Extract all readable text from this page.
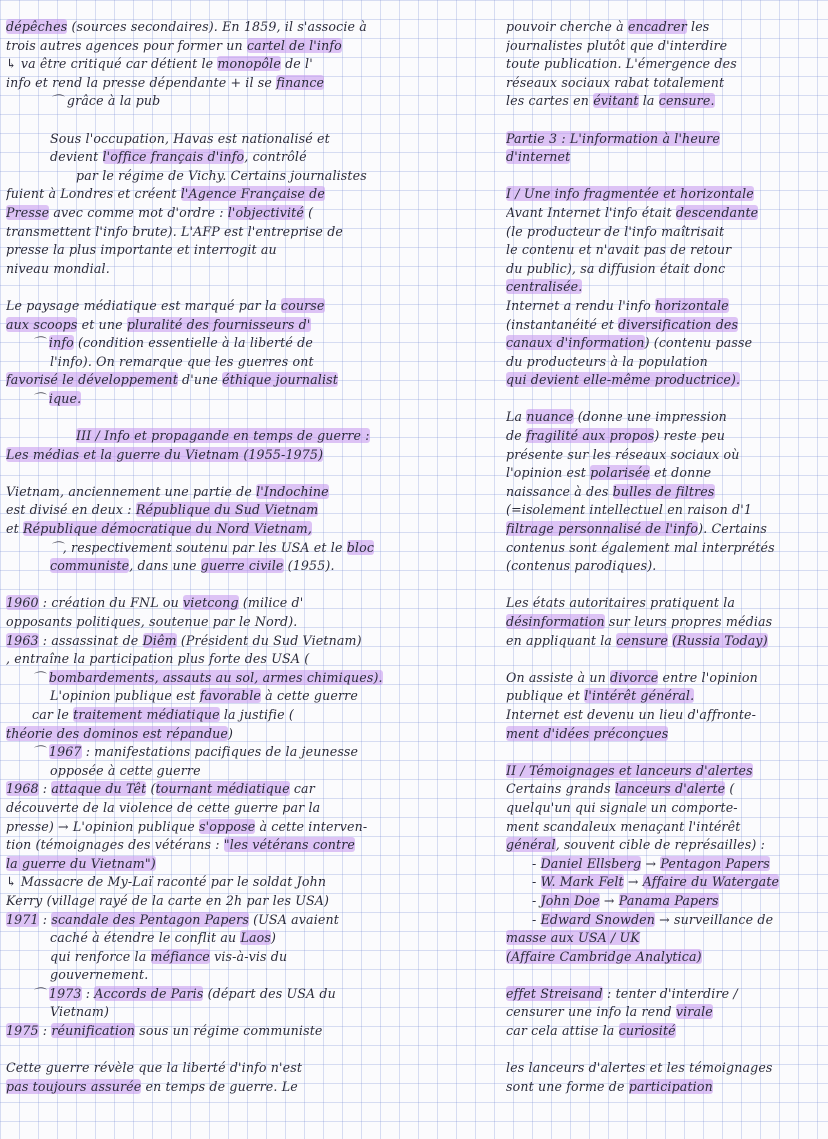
dépêches (sources secondaires). En 1859, il s'associe à
trois autres agences pour former un cartel de l'info
↳ va être critiqué car détient le monopôle de l'
info et rend la presse dépendante + il se finance
⌒ grâce à la pub
Sous l'occupation, Havas est nationalisé et
devient l'office français d'info, contrôlé
par le régime de Vichy. Certains journalistes
fuient à Londres et créent l'Agence Française de
Presse avec comme mot d'ordre : l'objectivité (
transmettent l'info brute). L'AFP est l'entreprise de
presse la plus importante et interrogit au
niveau mondial.
Le paysage médiatique est marqué par la course
aux scoops et une pluralité des fournisseurs d'
⌒ info (condition essentielle à la liberté de
l'info). On remarque que les guerres ont
favorisé le développement d'une éthique journalist
⌒ ique.
III / Info et propagande en temps de guerre :
Les médias et la guerre du Vietnam (1955-1975)
Vietnam, anciennement une partie de l'Indochine
est divisé en deux : République du Sud Vietnam
et République démocratique du Nord Vietnam,
⌒, respectivement soutenu par les USA et le bloc
communiste, dans une guerre civile (1955).
1960 : création du FNL ou vietcong (milice d'
opposants politiques, soutenue par le Nord).
1963 : assassinat de Diêm (Président du Sud Vietnam)
, entraîne la participation plus forte des USA (
⌒ bombardements, assauts au sol, armes chimiques).
L'opinion publique est favorable à cette guerre
car le traitement médiatique la justifie (
théorie des dominos est répandue)
⌒ 1967 : manifestations pacifiques de la jeunesse
opposée à cette guerre
1968 : attaque du Têt (tournant médiatique car
découverte de la violence de cette guerre par la
presse) → L'opinion publique s'oppose à cette interven-
tion (témoignages des vétérans : "les vétérans contre
la guerre du Vietnam")
↳ Massacre de My-Laï raconté par le soldat John
Kerry (village rayé de la carte en 2h par les USA)
1971 : scandale des Pentagon Papers (USA avaient
caché à étendre le conflit au Laos)
qui renforce la méfiance vis-à-vis du
gouvernement.
⌒ 1973 : Accords de Paris (départ des USA du
Vietnam)
1975 : réunification sous un régime communiste
Cette guerre révèle que la liberté d'info n'est
pas toujours assurée en temps de guerre. Le
pouvoir cherche à encadrer les
journalistes plutôt que d'interdire
toute publication. L'émergence des
réseaux sociaux rabat totalement
les cartes en évitant la censure.
Partie 3 : L'information à l'heure
d'internet
I / Une info fragmentée et horizontale
Avant Internet l'info était descendante
(le producteur de l'info maîtrisait
le contenu et n'avait pas de retour
du public), sa diffusion était donc
centralisée.
Internet a rendu l'info horizontale
(instantanéité et diversification des
canaux d'information) (contenu passe
du producteurs à la population
qui devient elle-même productrice).
La nuance (donne une impression
de fragilité aux propos) reste peu
présente sur les réseaux sociaux où
l'opinion est polarisée et donne
naissance à des bulles de filtres
(=isolement intellectuel en raison d'1
filtrage personnalisé de l'info). Certains
contenus sont également mal interprétés
(contenus parodiques).
Les états autoritaires pratiquent la
désinformation sur leurs propres médias
en appliquant la censure (Russia Today)
On assiste à un divorce entre l'opinion
publique et l'intérêt général.
Internet est devenu un lieu d'affronte-
ment d'idées préconçues
II / Témoignages et lanceurs d'alertes
Certains grands lanceurs d'alerte (
quelqu'un qui signale un comporte-
ment scandaleux menaçant l'intérêt
général, souvent cible de représailles) :
- Daniel Ellsberg → Pentagon Papers
- W. Mark Felt → Affaire du Watergate
- John Doe → Panama Papers
- Edward Snowden → surveillance de
masse aux USA / UK
(Affaire Cambridge Analytica)
effet Streisand : tenter d'interdire /
censurer une info la rend virale
car cela attise la curiosité
les lanceurs d'alertes et les témoignages
sont une forme de participation
